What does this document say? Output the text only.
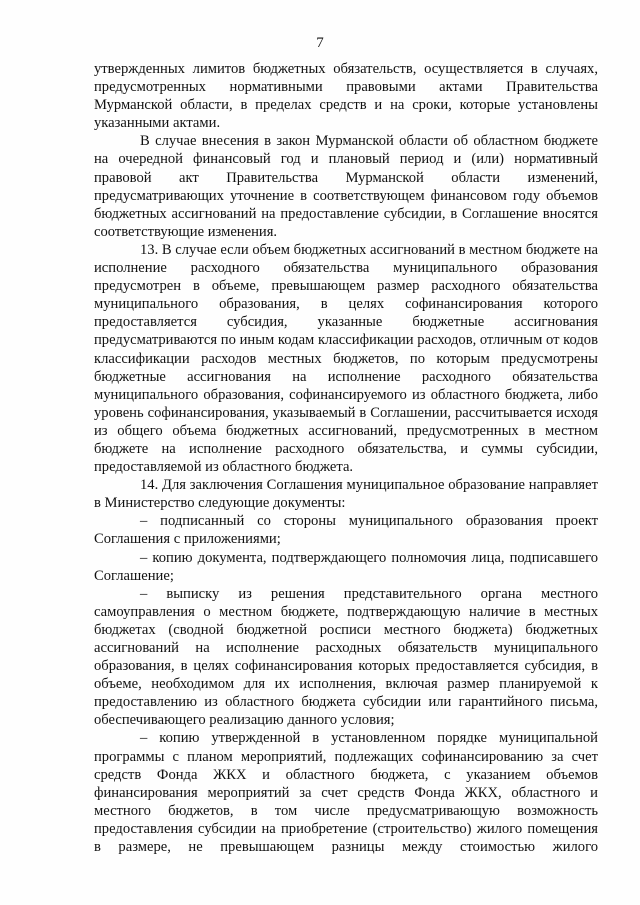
7

утвержденных лимитов бюджетных обязательств, осуществляется в случаях, предусмотренных нормативными правовыми актами Правительства Мурманской области, в пределах средств и на сроки, которые установлены указанными актами.

В случае внесения в закон Мурманской области об областном бюджете на очередной финансовый год и плановый период и (или) нормативный правовой акт Правительства Мурманской области изменений, предусматривающих уточнение в соответствующем финансовом году объемов бюджетных ассигнований на предоставление субсидии, в Соглашение вносятся соответствующие изменения.

13. В случае если объем бюджетных ассигнований в местном бюджете на исполнение расходного обязательства муниципального образования предусмотрен в объеме, превышающем размер расходного обязательства муниципального образования, в целях софинансирования которого предоставляется субсидия, указанные бюджетные ассигнования предусматриваются по иным кодам классификации расходов, отличным от кодов классификации расходов местных бюджетов, по которым предусмотрены бюджетные ассигнования на исполнение расходного обязательства муниципального образования, софинансируемого из областного бюджета, либо уровень софинансирования, указываемый в Соглашении, рассчитывается исходя из общего объема бюджетных ассигнований, предусмотренных в местном бюджете на исполнение расходного обязательства, и суммы субсидии, предоставляемой из областного бюджета.

14. Для заключения Соглашения муниципальное образование направляет в Министерство следующие документы:

– подписанный со стороны муниципального образования проект Соглашения с приложениями;

– копию документа, подтверждающего полномочия лица, подписавшего Соглашение;

– выписку из решения представительного органа местного самоуправления о местном бюджете, подтверждающую наличие в местных бюджетах (сводной бюджетной росписи местного бюджета) бюджетных ассигнований на исполнение расходных обязательств муниципального образования, в целях софинансирования которых предоставляется субсидия, в объеме, необходимом для их исполнения, включая размер планируемой к предоставлению из областного бюджета субсидии или гарантийного письма, обеспечивающего реализацию данного условия;

– копию утвержденной в установленном порядке муниципальной программы с планом мероприятий, подлежащих софинансированию за счет средств Фонда ЖКХ и областного бюджета, с указанием объемов финансирования мероприятий за счет средств Фонда ЖКХ, областного и местного бюджетов, в том числе предусматривающую возможность предоставления субсидии на приобретение (строительство) жилого помещения в размере, не превышающем разницы между стоимостью жилого
